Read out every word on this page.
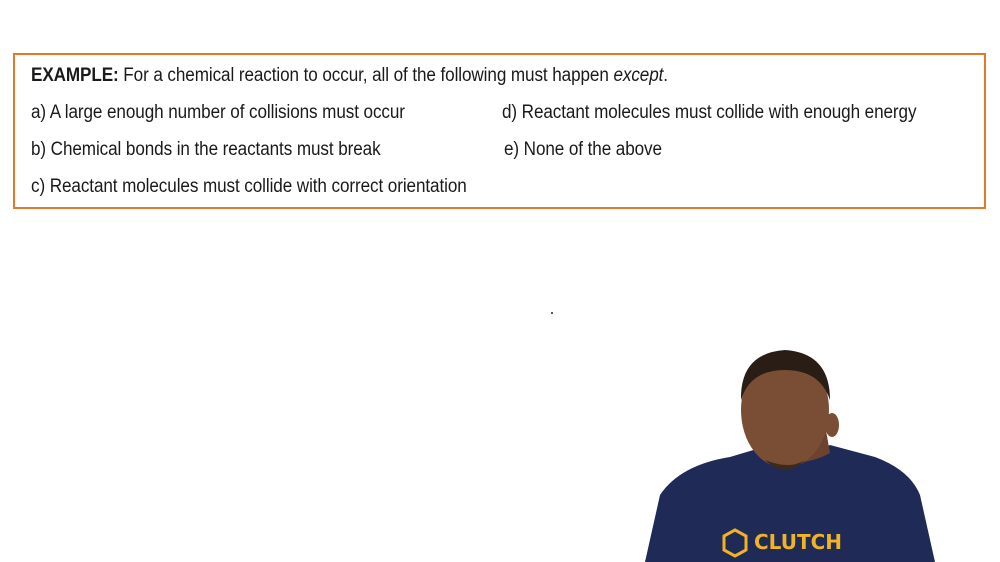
EXAMPLE: For a chemical reaction to occur, all of the following must happen except.
a) A large enough number of collisions must occur
b) Chemical bonds in the reactants must break
c) Reactant molecules must collide with correct orientation
d) Reactant molecules must collide with enough energy
e) None of the above
CLUTCH
